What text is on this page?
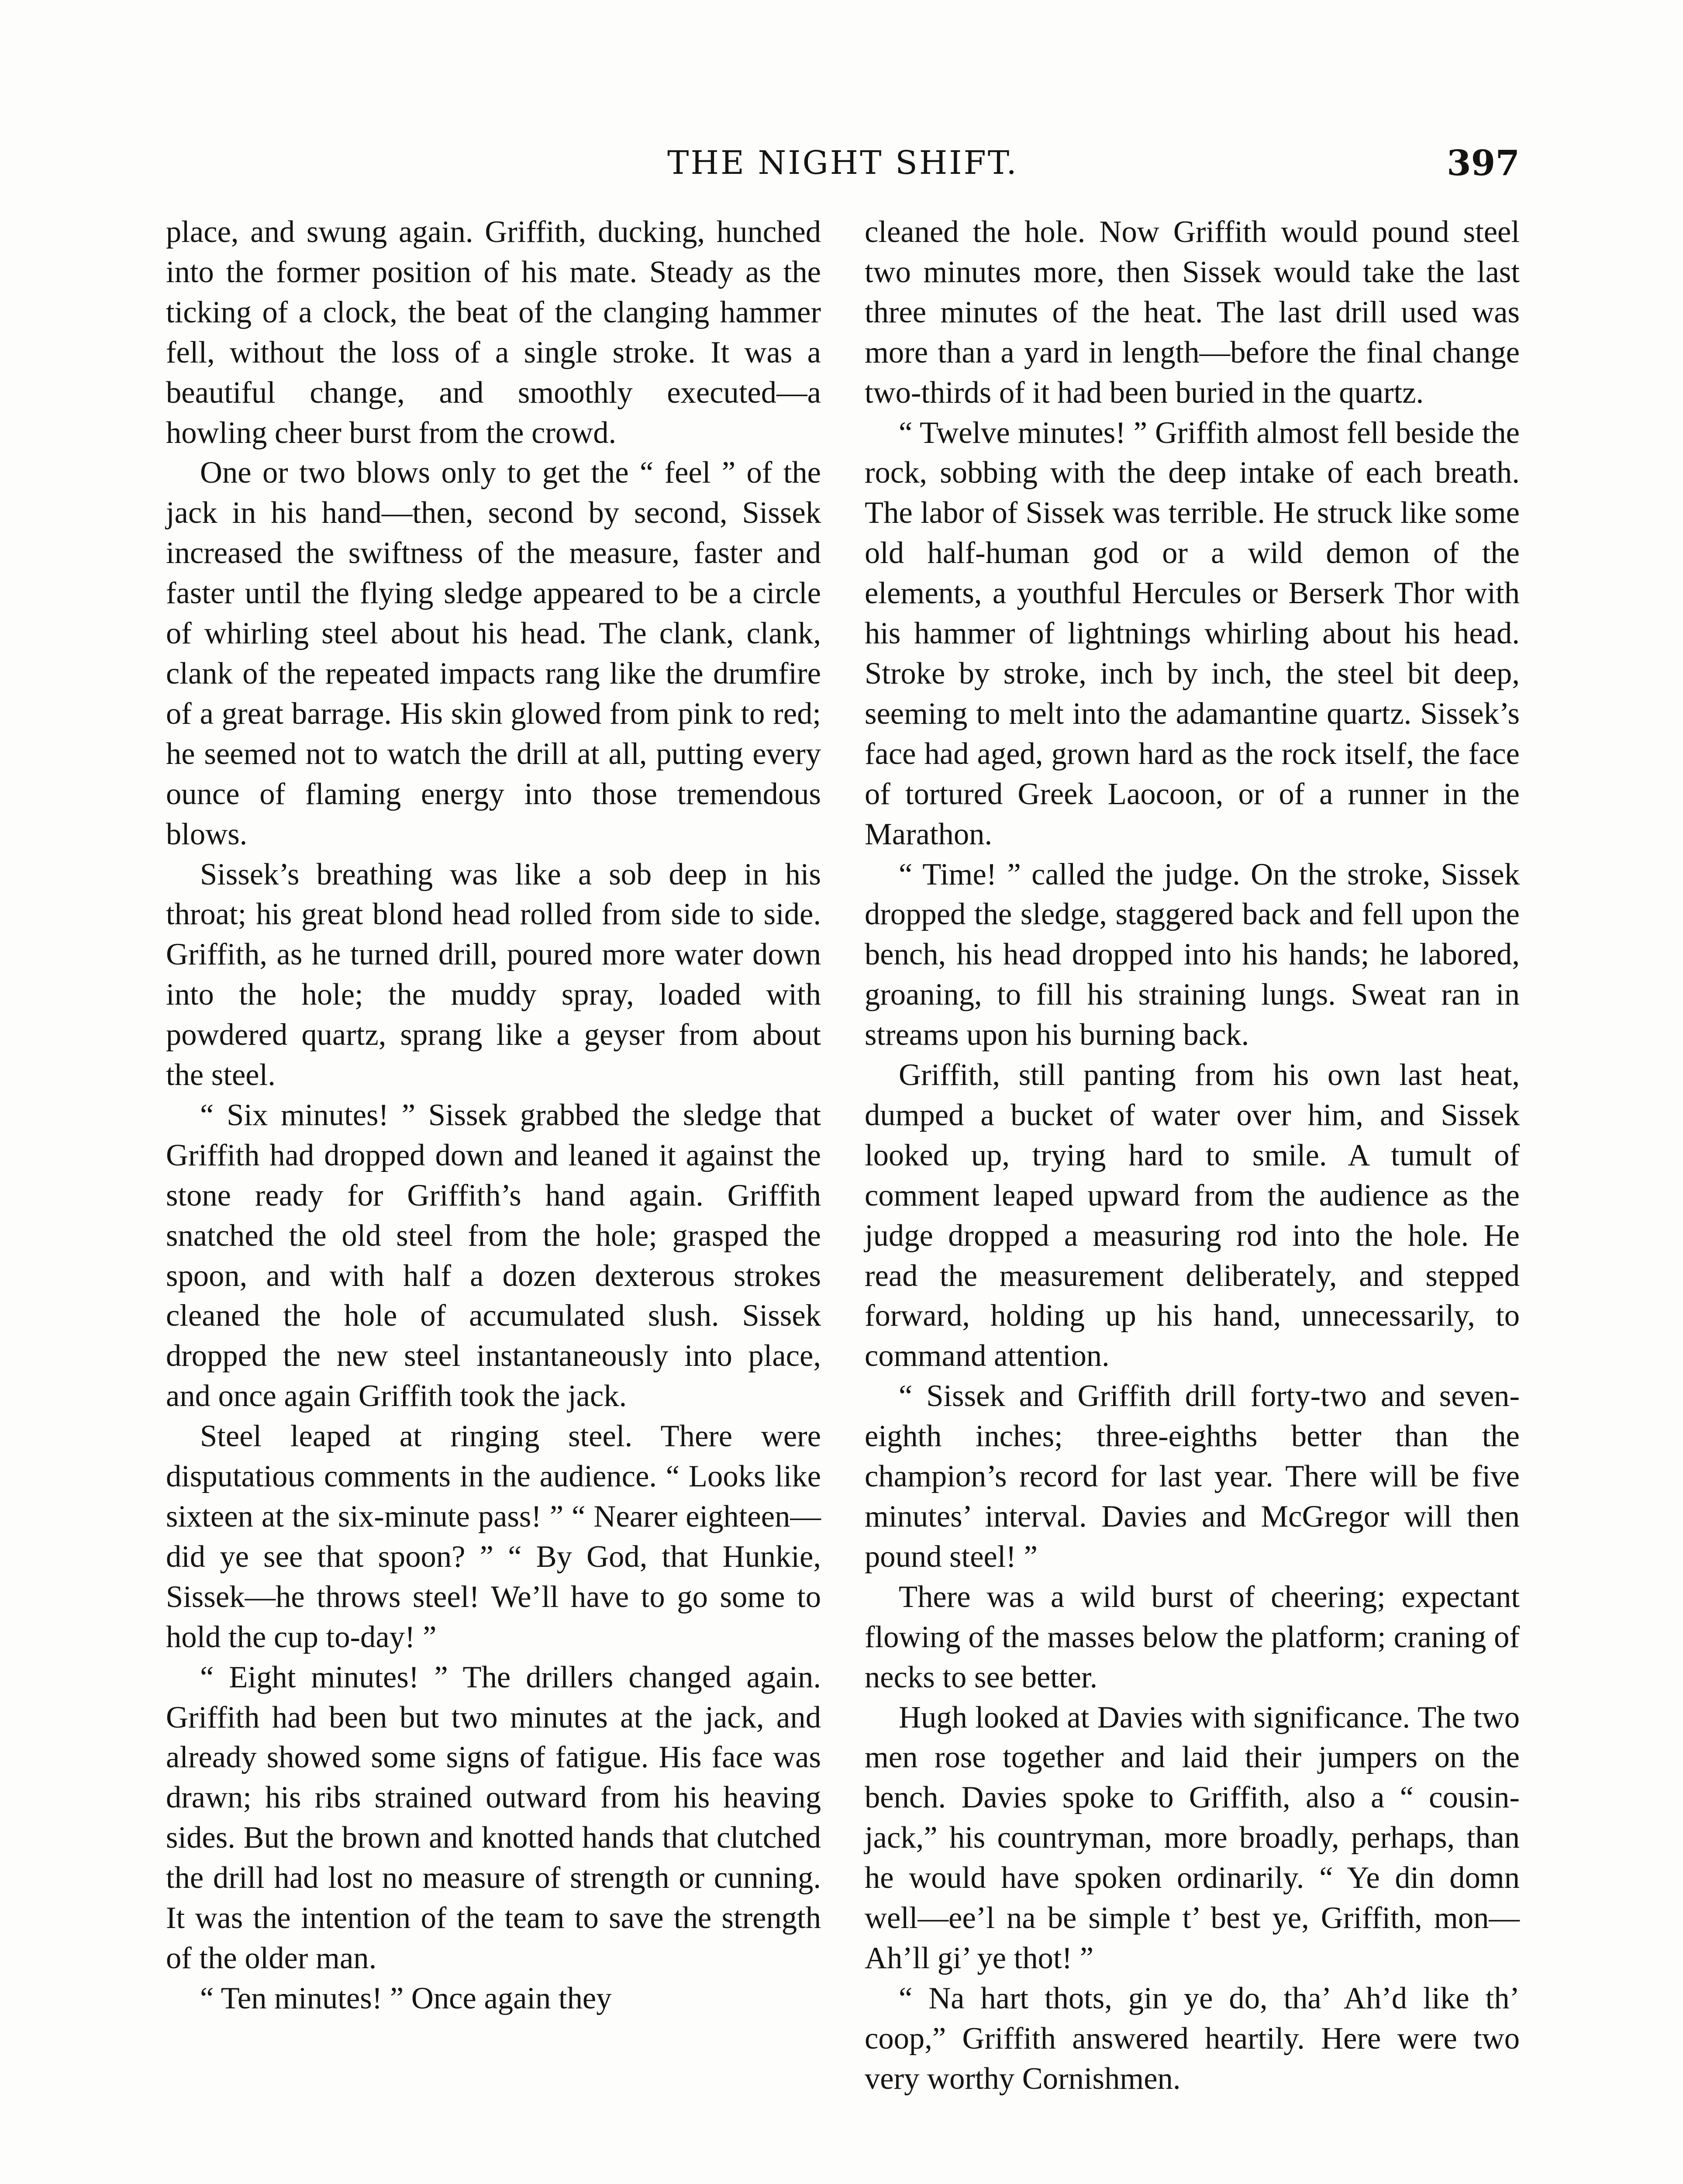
THE NIGHT SHIFT.	397

place, and swung again. Griffith, ducking, hunched into the former position of his mate. Steady as the ticking of a clock, the beat of the clanging hammer fell, without the loss of a single stroke. It was a beautiful change, and smoothly executed—a howling cheer burst from the crowd.

One or two blows only to get the “ feel ” of the jack in his hand—then, second by second, Sissek increased the swiftness of the measure, faster and faster until the flying sledge appeared to be a circle of whirling steel about his head. The clank, clank, clank of the repeated impacts rang like the drumfire of a great barrage. His skin glowed from pink to red; he seemed not to watch the drill at all, putting every ounce of flaming energy into those tremendous blows.

Sissek’s breathing was like a sob deep in his throat; his great blond head rolled from side to side. Griffith, as he turned drill, poured more water down into the hole; the muddy spray, loaded with powdered quartz, sprang like a geyser from about the steel.

“ Six minutes! ” Sissek grabbed the sledge that Griffith had dropped down and leaned it against the stone ready for Griffith’s hand again. Griffith snatched the old steel from the hole; grasped the spoon, and with half a dozen dexterous strokes cleaned the hole of accumulated slush. Sissek dropped the new steel instantaneously into place, and once again Griffith took the jack.

Steel leaped at ringing steel. There were disputatious comments in the audience. “ Looks like sixteen at the six-minute pass! ” “ Nearer eighteen—did ye see that spoon? ” “ By God, that Hunkie, Sissek—he throws steel! We’ll have to go some to hold the cup to-day! ”

“ Eight minutes! ” The drillers changed again. Griffith had been but two minutes at the jack, and already showed some signs of fatigue. His face was drawn; his ribs strained outward from his heaving sides. But the brown and knotted hands that clutched the drill had lost no measure of strength or cunning. It was the intention of the team to save the strength of the older man.

“ Ten minutes! ” Once again they

cleaned the hole. Now Griffith would pound steel two minutes more, then Sissek would take the last three minutes of the heat. The last drill used was more than a yard in length—before the final change two-thirds of it had been buried in the quartz.

“ Twelve minutes! ” Griffith almost fell beside the rock, sobbing with the deep intake of each breath. The labor of Sissek was terrible. He struck like some old half-human god or a wild demon of the elements, a youthful Hercules or Berserk Thor with his hammer of lightnings whirling about his head. Stroke by stroke, inch by inch, the steel bit deep, seeming to melt into the adamantine quartz. Sissek’s face had aged, grown hard as the rock itself, the face of tortured Greek Laocoon, or of a runner in the Marathon.

“ Time! ” called the judge. On the stroke, Sissek dropped the sledge, staggered back and fell upon the bench, his head dropped into his hands; he labored, groaning, to fill his straining lungs. Sweat ran in streams upon his burning back.

Griffith, still panting from his own last heat, dumped a bucket of water over him, and Sissek looked up, trying hard to smile. A tumult of comment leaped upward from the audience as the judge dropped a measuring rod into the hole. He read the measurement deliberately, and stepped forward, holding up his hand, unnecessarily, to command attention.

“ Sissek and Griffith drill forty-two and seven-eighth inches; three-eighths better than the champion’s record for last year. There will be five minutes’ interval. Davies and McGregor will then pound steel! ”

There was a wild burst of cheering; expectant flowing of the masses below the platform; craning of necks to see better.

Hugh looked at Davies with significance. The two men rose together and laid their jumpers on the bench. Davies spoke to Griffith, also a “ cousin-jack,” his countryman, more broadly, perhaps, than he would have spoken ordinarily. “ Ye din domn well—ee’l na be simple t’ best ye, Griffith, mon—Ah’ll gi’ ye thot! ”

“ Na hart thots, gin ye do, tha’ Ah’d like th’ coop,” Griffith answered heartily. Here were two very worthy Cornishmen.
